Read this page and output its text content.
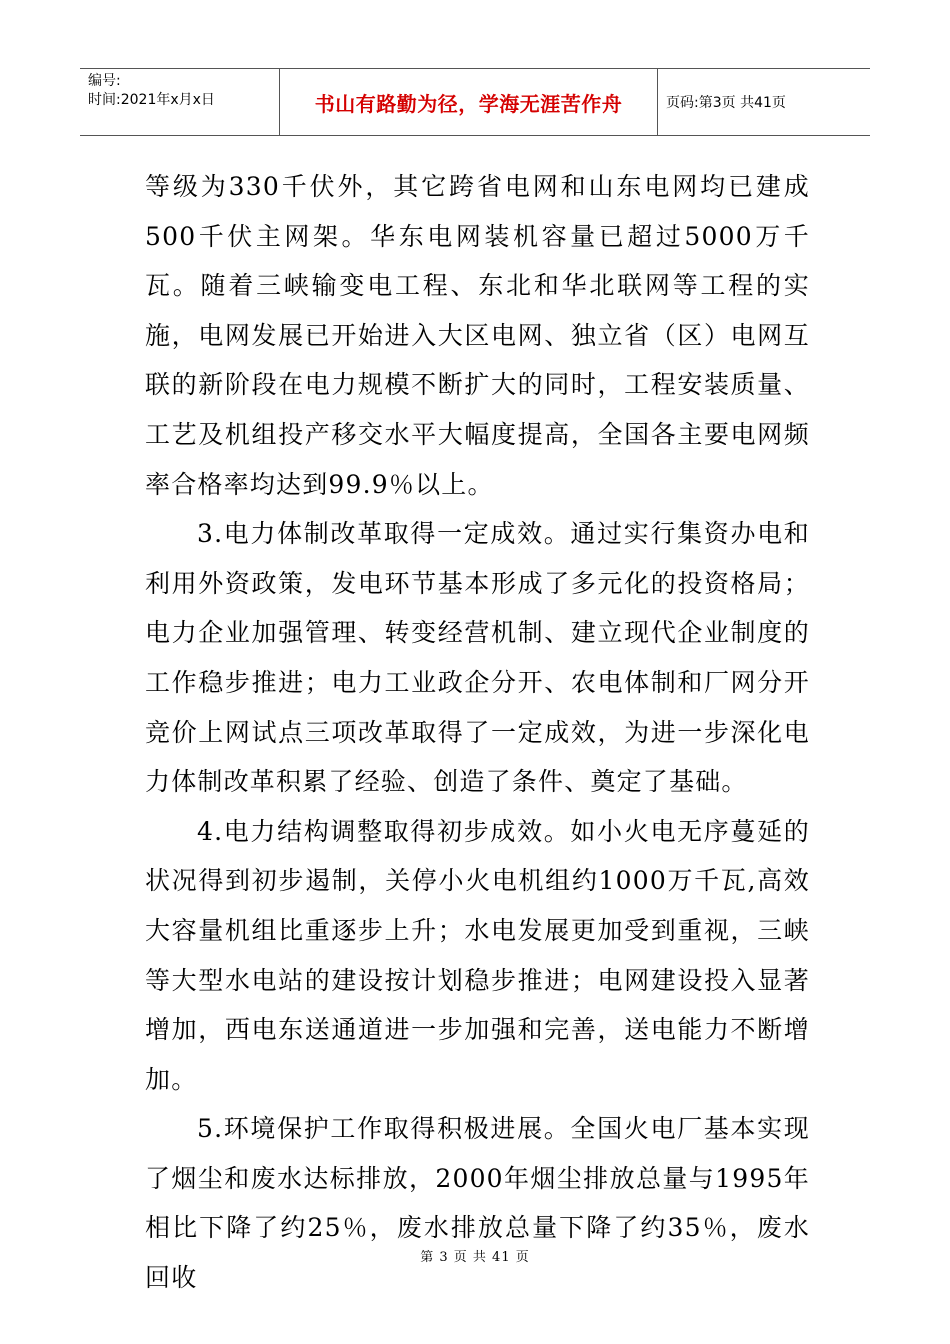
编号:
时间:2021年x月x日	书山有路勤为径，学海无涯苦作舟	页码:第3页 共41页

等级为330千伏外，其它跨省电网和山东电网均已建成500千伏主网架。华东电网装机容量已超过5000万千瓦。随着三峡输变电工程、东北和华北联网等工程的实施，电网发展已开始进入大区电网、独立省（区）电网互联的新阶段在电力规模不断扩大的同时，工程安装质量、工艺及机组投产移交水平大幅度提高，全国各主要电网频率合格率均达到99.9％以上。

3.电力体制改革取得一定成效。通过实行集资办电和利用外资政策，发电环节基本形成了多元化的投资格局；电力企业加强管理、转变经营机制、建立现代企业制度的工作稳步推进；电力工业政企分开、农电体制和厂网分开竞价上网试点三项改革取得了一定成效，为进一步深化电力体制改革积累了经验、创造了条件、奠定了基础。

4.电力结构调整取得初步成效。如小火电无序蔓延的状况得到初步遏制，关停小火电机组约1000万千瓦,高效大容量机组比重逐步上升；水电发展更加受到重视，三峡等大型水电站的建设按计划稳步推进；电网建设投入显著增加，西电东送通道进一步加强和完善，送电能力不断增加。

5.环境保护工作取得积极进展。全国火电厂基本实现了烟尘和废水达标排放，2000年烟尘排放总量与1995年相比下降了约25％，废水排放总量下降了约35％，废水回收

第 3 页 共 41 页
